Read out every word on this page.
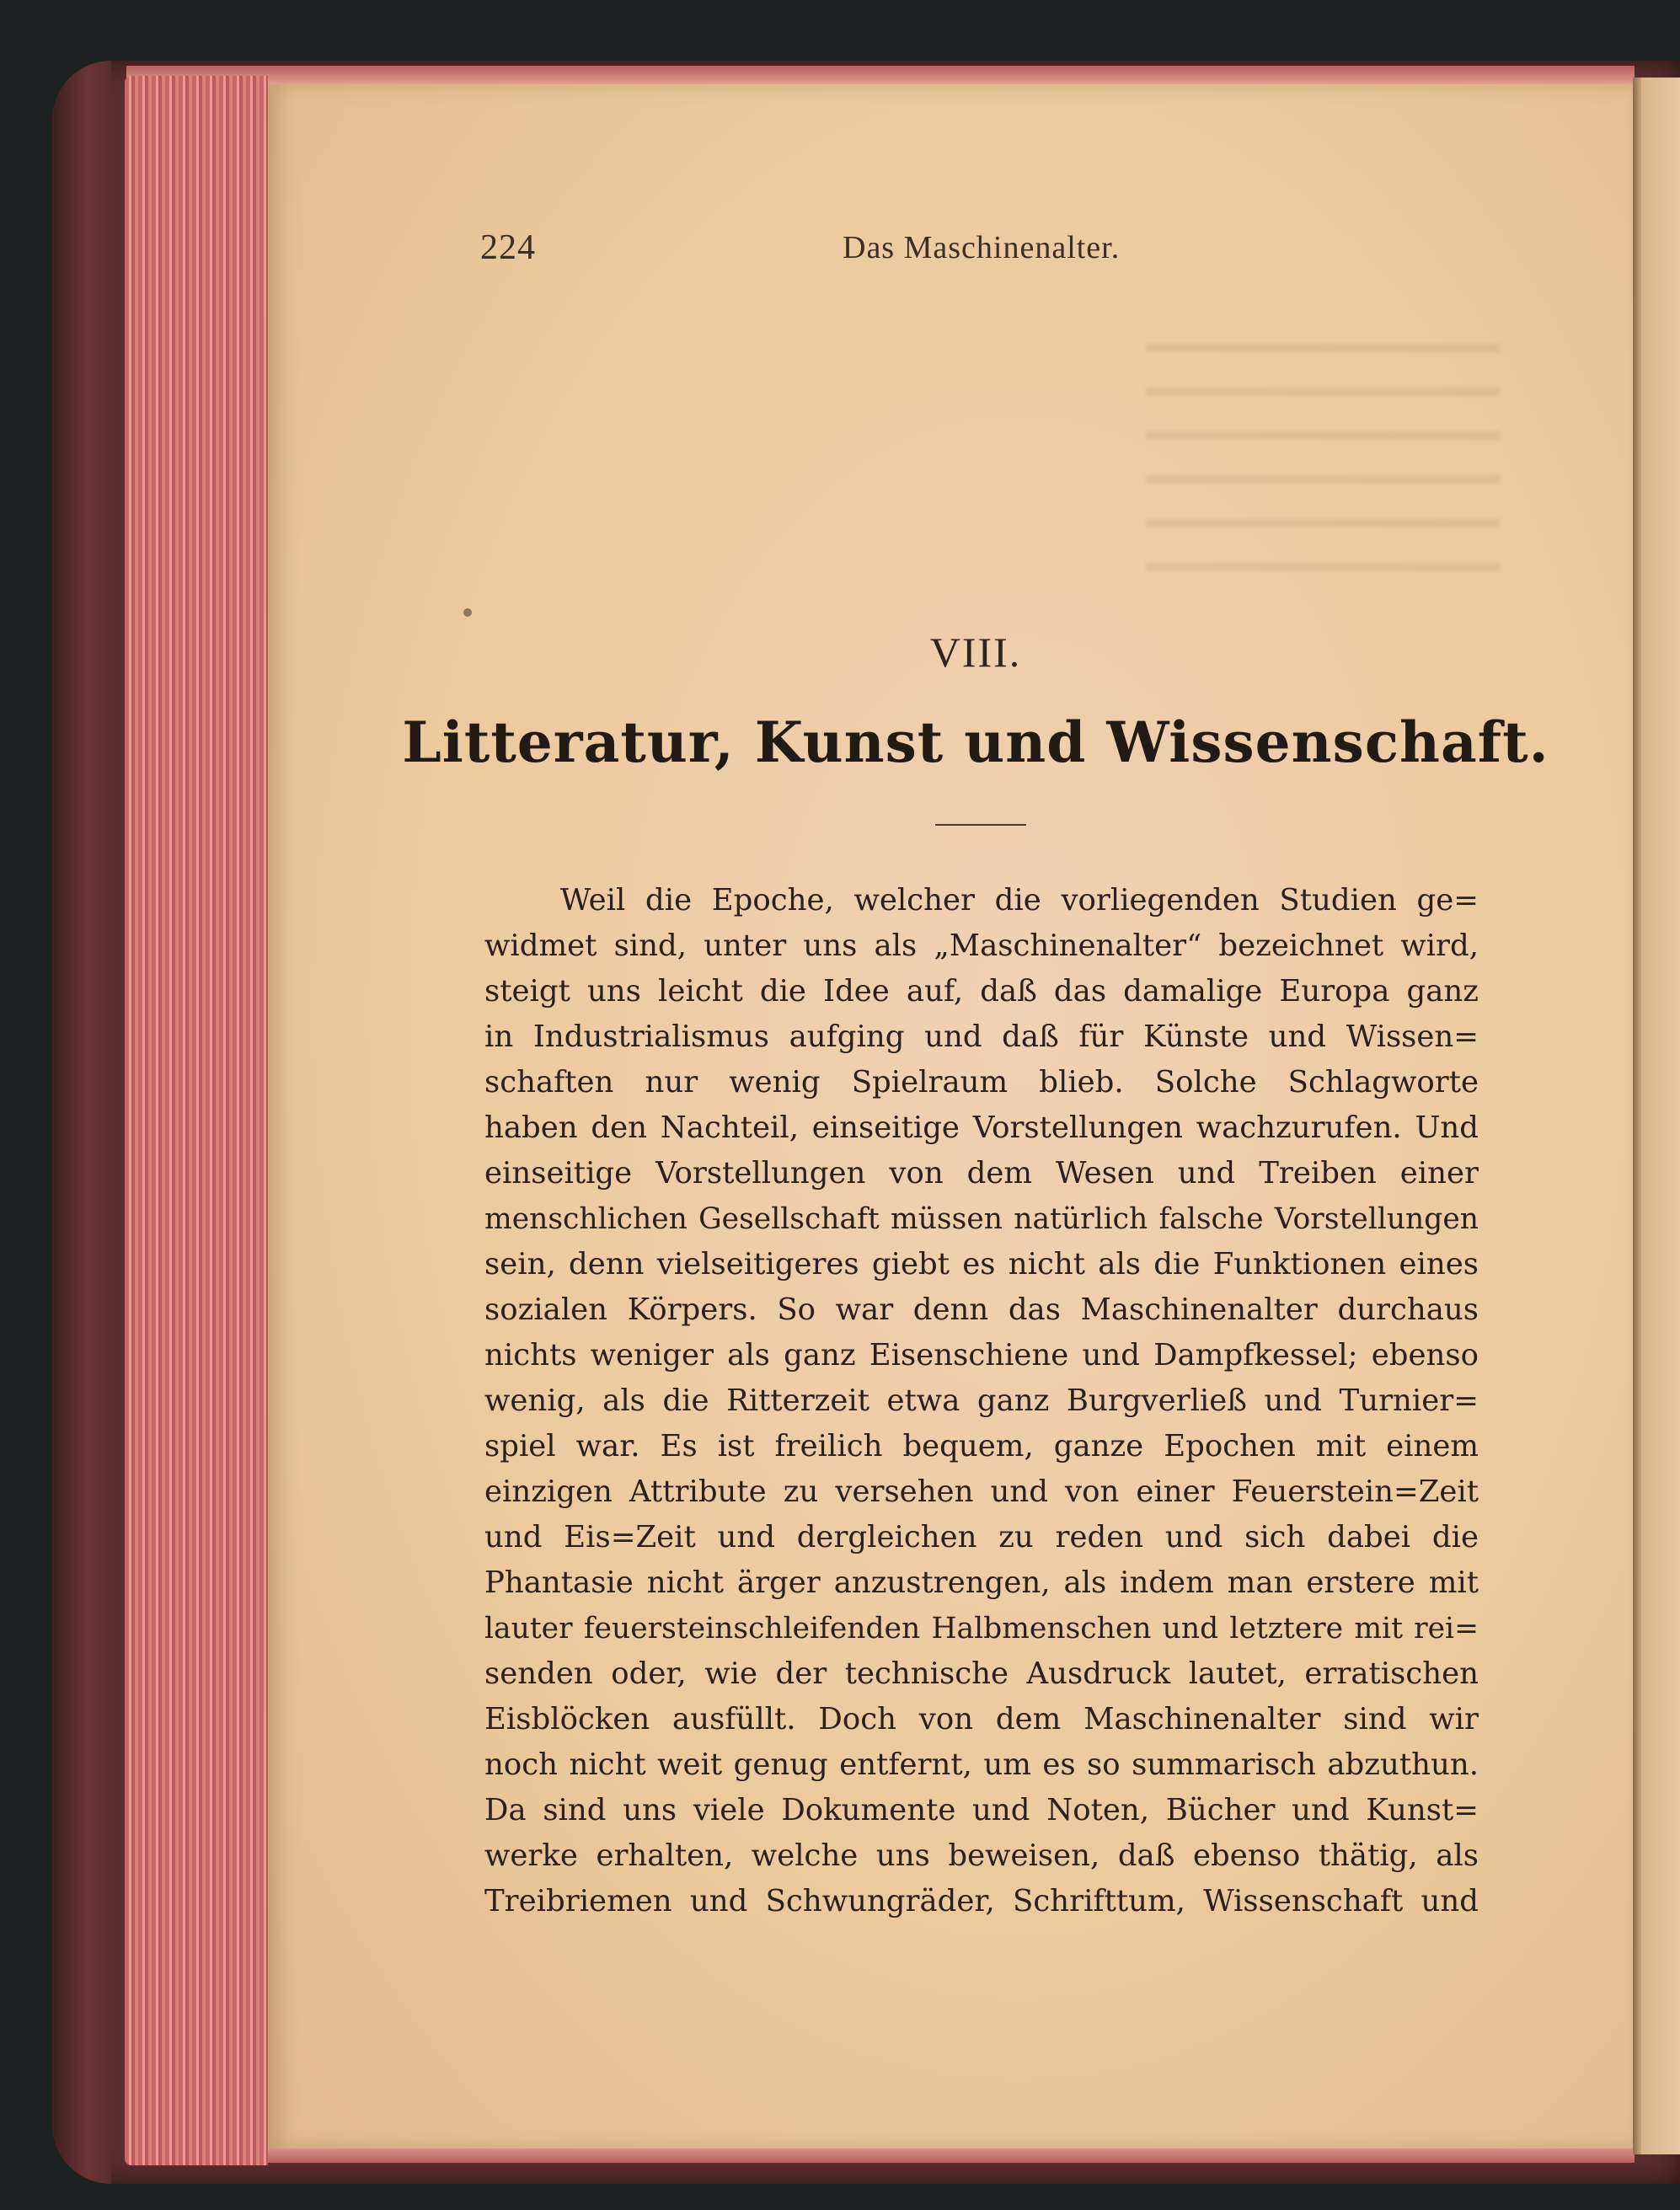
224	Das Maschinenalter.
VIII.
Litteratur, Kunst und Wissenschaft.
Weil die Epoche, welcher die vorliegenden Studien ge=
widmet sind, unter uns als „Maschinenalter“ bezeichnet wird,
steigt uns leicht die Idee auf, daß das damalige Europa ganz
in Industrialismus aufging und daß für Künste und Wissen=
schaften nur wenig Spielraum blieb. Solche Schlagworte
haben den Nachteil, einseitige Vorstellungen wachzurufen. Und
einseitige Vorstellungen von dem Wesen und Treiben einer
menschlichen Gesellschaft müssen natürlich falsche Vorstellungen
sein, denn vielseitigeres giebt es nicht als die Funktionen eines
sozialen Körpers. So war denn das Maschinenalter durchaus
nichts weniger als ganz Eisenschiene und Dampfkessel; ebenso
wenig, als die Ritterzeit etwa ganz Burgverließ und Turnier=
spiel war. Es ist freilich bequem, ganze Epochen mit einem
einzigen Attribute zu versehen und von einer Feuerstein=Zeit
und Eis=Zeit und dergleichen zu reden und sich dabei die
Phantasie nicht ärger anzustrengen, als indem man erstere mit
lauter feuersteinschleifenden Halbmenschen und letztere mit rei=
senden oder, wie der technische Ausdruck lautet, erratischen
Eisblöcken ausfüllt. Doch von dem Maschinenalter sind wir
noch nicht weit genug entfernt, um es so summarisch abzuthun.
Da sind uns viele Dokumente und Noten, Bücher und Kunst=
werke erhalten, welche uns beweisen, daß ebenso thätig, als
Treibriemen und Schwungräder, Schrifttum, Wissenschaft und
